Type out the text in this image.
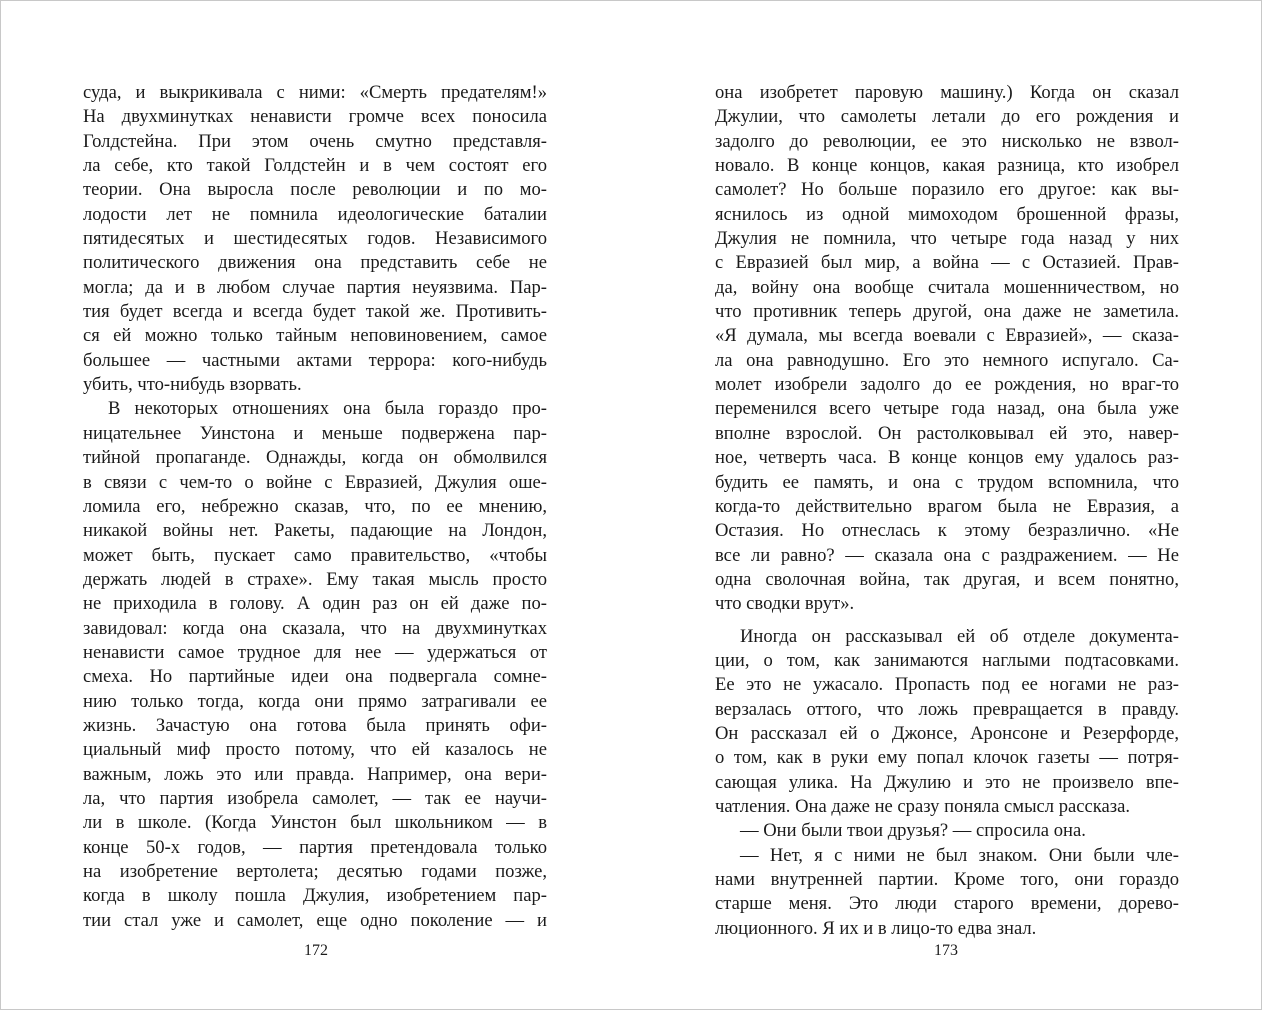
суда, и выкрикивала с ними: «Смерть предателям!»
На двухминутках ненависти громче всех поносила
Голдстейна. При этом очень смутно представля-
ла себе, кто такой Голдстейн и в чем состоят его
теории. Она выросла после революции и по мо-
лодости лет не помнила идеологические баталии
пятидесятых и шестидесятых годов. Независимого
политического движения она представить себе не
могла; да и в любом случае партия неуязвима. Пар-
тия будет всегда и всегда будет такой же. Противить-
ся ей можно только тайным неповиновением, самое
большее — частными актами террора: кого-нибудь
убить, что-нибудь взорвать.
В некоторых отношениях она была гораздо про-
ницательнее Уинстона и меньше подвержена пар-
тийной пропаганде. Однажды, когда он обмолвился
в связи с чем-то о войне с Евразией, Джулия оше-
ломила его, небрежно сказав, что, по ее мнению,
никакой войны нет. Ракеты, падающие на Лондон,
может быть, пускает само правительство, «чтобы
держать людей в страхе». Ему такая мысль просто
не приходила в голову. А один раз он ей даже по-
завидовал: когда она сказала, что на двухминутках
ненависти самое трудное для нее — удержаться от
смеха. Но партийные идеи она подвергала сомне-
нию только тогда, когда они прямо затрагивали ее
жизнь. Зачастую она готова была принять офи-
циальный миф просто потому, что ей казалось не
важным, ложь это или правда. Например, она вери-
ла, что партия изобрела самолет, — так ее научи-
ли в школе. (Когда Уинстон был школьником — в
конце 50-х годов, — партия претендовала только
на изобретение вертолета; десятью годами позже,
когда в школу пошла Джулия, изобретением пар-
тии стал уже и самолет, еще одно поколение — и
172
она изобретет паровую машину.) Когда он сказал
Джулии, что самолеты летали до его рождения и
задолго до революции, ее это нисколько не взвол-
новало. В конце концов, какая разница, кто изобрел
самолет? Но больше поразило его другое: как вы-
яснилось из одной мимоходом брошенной фразы,
Джулия не помнила, что четыре года назад у них
с Евразией был мир, а война — с Остазией. Прав-
да, войну она вообще считала мошенничеством, но
что противник теперь другой, она даже не заметила.
«Я думала, мы всегда воевали с Евразией», — сказа-
ла она равнодушно. Его это немного испугало. Са-
молет изобрели задолго до ее рождения, но враг-то
переменился всего четыре года назад, она была уже
вполне взрослой. Он растолковывал ей это, навер-
ное, четверть часа. В конце концов ему удалось раз-
будить ее память, и она с трудом вспомнила, что
когда-то действительно врагом была не Евразия, а
Остазия. Но отнеслась к этому безразлично. «Не
все ли равно? — сказала она с раздражением. — Не
одна сволочная война, так другая, и всем понятно,
что сводки врут».
Иногда он рассказывал ей об отделе документа-
ции, о том, как занимаются наглыми подтасовками.
Ее это не ужасало. Пропасть под ее ногами не раз-
верзалась оттого, что ложь превращается в правду.
Он рассказал ей о Джонсе, Аронсоне и Резерфорде,
о том, как в руки ему попал клочок газеты — потря-
сающая улика. На Джулию и это не произвело впе-
чатления. Она даже не сразу поняла смысл рассказа.
— Они были твои друзья? — спросила она.
— Нет, я с ними не был знаком. Они были чле-
нами внутренней партии. Кроме того, они гораздо
старше меня. Это люди старого времени, дорево-
люционного. Я их и в лицо-то едва знал.
173
